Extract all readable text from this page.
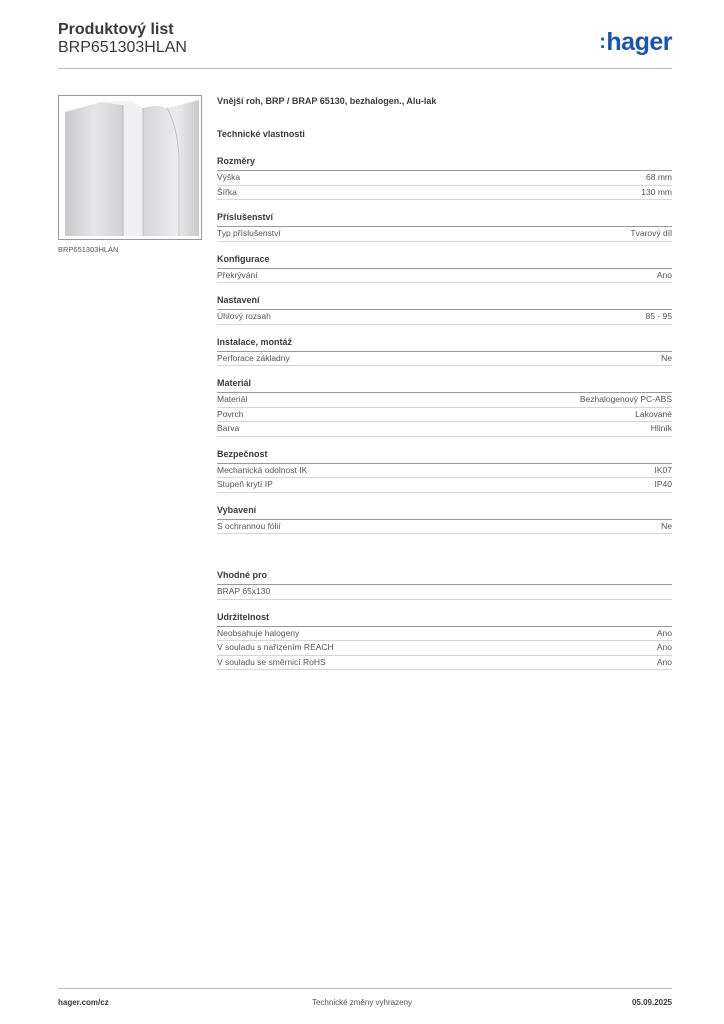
Produktový list
BRP651303HLAN	:hager
BRP651303HLAN
Vnější roh, BRP / BRAP 65130, bezhalogen., Alu-lak
Technické vlastnosti
Rozměry
Výška	68 mm
Šířka	130 mm
Příslušenství
Typ příslušenství	Tvarový díl
Konfigurace
Překrývání	Ano
Nastavení
Úhlový rozsah	85 - 95
Instalace, montáž
Perforace základny	Ne
Materiál
Materiál	Bezhalogenový PC-ABS
Povrch	Lakované
Barva	Hliník
Bezpečnost
Mechanická odolnost IK	IK07
Stupeň krytí IP	IP40
Vybavení
S ochrannou fólií	Ne
Vhodné pro
BRAP 65x130
Udržitelnost
Neobsahuje halogeny	Ano
V souladu s nařízením REACH	Ano
V souladu se směrnicí RoHS	Ano
hager.com/cz	Technické změny vyhrazeny	05.09.2025
